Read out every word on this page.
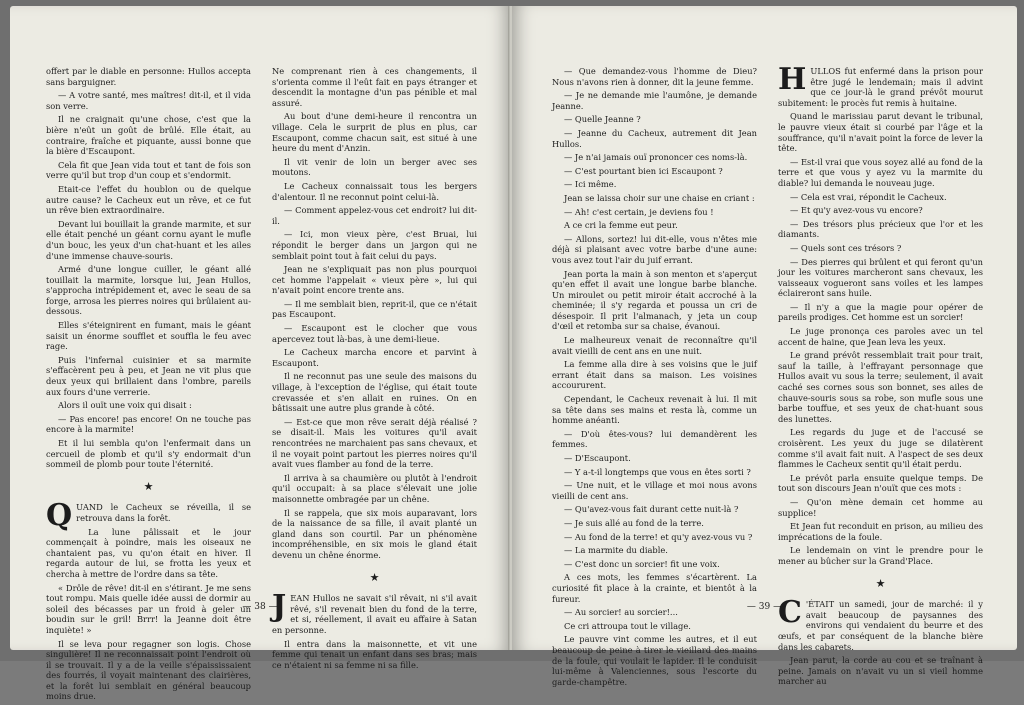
offert par le diable en personne: Hullos accepta sans barguigner.

— A votre santé, mes maîtres! dit-il, et il vida son verre.

Il ne craignait qu'une chose, c'est que la bière n'eût un goût de brûlé. Elle était, au contraire, fraîche et piquante, aussi bonne que la bière d'Escaupont.

Cela fit que Jean vida tout et tant de fois son verre qu'il but trop d'un coup et s'endormit.

Etait-ce l'effet du houblon ou de quelque autre cause? le Cacheux eut un rêve, et ce fut un rêve bien extraordinaire.

Devant lui bouillait la grande marmite, et sur elle était penché un géant cornu ayant le mufle d'un bouc, les yeux d'un chat-huant et les ailes d'une immense chauve-souris.

Armé d'une longue cuiller, le géant allé touillait la marmite, lorsque lui, Jean Hullos, s'approcha intrépidement et, avec le seau de sa forge, arrosa les pierres noires qui brûlaient au-dessous.

Elles s'éteignirent en fumant, mais le géant saisit un énorme soufflet et souffla le feu avec rage.

Puis l'infernal cuisinier et sa marmite s'effacèrent peu à peu, et Jean ne vit plus que deux yeux qui brillaient dans l'ombre, pareils aux fours d'une verrerie.

Alors il ouït une voix qui disait :

— Pas encore! pas encore! On ne touche pas encore à la marmite!

Et il lui sembla qu'on l'enfermait dans un cercueil de plomb et qu'il s'y endormait d'un sommeil de plomb pour toute l'éternité.

★

QUAND le Cacheux se réveilla, il se retrouva dans la forêt.

La lune pâlissait et le jour commençait à poindre, mais les oiseaux ne chantaient pas, vu qu'on était en hiver. Il regarda autour de lui, se frotta les yeux et chercha à mettre de l'ordre dans sa tête.

« Drôle de rêve! dit-il en s'étirant. Je me sens tout rompu. Mais quelle idée aussi de dormir au soleil des bécasses par un froid à geler un boudin sur le gril! Brrr! la Jeanne doit être inquiète! »

Il se leva pour regagner son logis. Chose singulière! Il ne reconnaissait point l'endroit où il se trouvait. Il y a de la veille s'épaississaient des fourrés, il voyait maintenant des clairières, et la forêt lui semblait en général beaucoup moins drue.

Ne comprenant rien à ces changements, il s'orienta comme il l'eût fait en pays étranger et descendit la montagne d'un pas pénible et mal assuré.

Au bout d'une demi-heure il rencontra un village. Cela le surprit de plus en plus, car Escaupont, comme chacun sait, est situé à une heure du ment d'Anzin.

Il vit venir de loin un berger avec ses moutons.

Le Cacheux connaissait tous les bergers d'alentour. Il ne reconnut point celui-là.

— Comment appelez-vous cet endroit? lui dit-il.

— Ici, mon vieux père, c'est Bruai, lui répondit le berger dans un jargon qui ne semblait point tout à fait celui du pays.

Jean ne s'expliquait pas non plus pourquoi cet homme l'appelait « vieux père », lui qui n'avait point encore trente ans.

— Il me semblait bien, reprit-il, que ce n'était pas Escaupont.

— Escaupont est le clocher que vous apercevez tout là-bas, à une demi-lieue.

Le Cacheux marcha encore et parvint à Escaupont.

Il ne reconnut pas une seule des maisons du village, à l'exception de l'église, qui était toute crevassée et s'en allait en ruines. On en bâtissait une autre plus grande à côté.

— Est-ce que mon rêve serait déjà réalisé ? se disait-il. Mais les voitures qu'il avait rencontrées ne marchaient pas sans chevaux, et il ne voyait point partout les pierres noires qu'il avait vues flamber au fond de la terre.

Il arriva à sa chaumière ou plutôt à l'endroit qu'il occupait: à sa place s'élevait une jolie maisonnette ombragée par un chêne.

Il se rappela, que six mois auparavant, lors de la naissance de sa fille, il avait planté un gland dans son courtil. Par un phénomène incompréhensible, en six mois le gland était devenu un chêne énorme.

★

JEAN Hullos ne savait s'il rêvait, ni s'il avait rêvé, s'il revenait bien du fond de la terre, et si, réellement, il avait eu affaire à Satan en personne.

Il entra dans la maisonnette, et vit une femme qui tenait un enfant dans ses bras; mais ce n'étaient ni sa femme ni sa fille.

— 38 —

— Que demandez-vous l'homme de Dieu? Nous n'avons rien à donner, dit la jeune femme.

— Je ne demande mie l'aumône, je demande Jeanne.

— Quelle Jeanne ?

— Jeanne du Cacheux, autrement dit Jean Hullos.

— Je n'ai jamais ouï prononcer ces noms-là.

— C'est pourtant bien ici Escaupont ?

— Ici même.

Jean se laissa choir sur une chaise en criant :

— Ah! c'est certain, je deviens fou !

A ce cri la femme eut peur.

— Allons, sortez! lui dit-elle, vous n'êtes mie déjà si plaisant avec votre barbe d'une aune: vous avez tout l'air du juif errant.

Jean porta la main à son menton et s'aperçut qu'en effet il avait une longue barbe blanche. Un miroulet ou petit miroir était accroché à la cheminée; il s'y regarda et poussa un cri de désespoir. Il prit l'almanach, y jeta un coup d'œil et retomba sur sa chaise, évanoui.

Le malheureux venait de reconnaître qu'il avait vieilli de cent ans en une nuit.

La femme alla dire à ses voisins que le juif errant était dans sa maison. Les voisines accoururent.

Cependant, le Cacheux revenait à lui. Il mit sa tête dans ses mains et resta là, comme un homme anéanti.

— D'où êtes-vous? lui demandèrent les femmes.

— D'Escaupont.

— Y a-t-il longtemps que vous en êtes sorti ?

— Une nuit, et le village et moi nous avons vieilli de cent ans.

— Qu'avez-vous fait durant cette nuit-là ?

— Je suis allé au fond de la terre.

— Au fond de la terre! et qu'y avez-vous vu ?

— La marmite du diable.

— C'est donc un sorcier! fit une voix.

A ces mots, les femmes s'écartèrent. La curiosité fit place à la crainte, et bientôt à la fureur.

— Au sorcier! au sorcier!...

Ce cri attroupa tout le village.

Le pauvre vint comme les autres, et il eut beaucoup de peine à tirer le vieillard des mains de la foule, qui voulait le lapider. Il le conduisit lui-même à Valenciennes, sous l'escorte du garde-champêtre.

HULLOS fut enfermé dans la prison pour être jugé le lendemain; mais il advint que ce jour-là le grand prévôt mourut subitement: le procès fut remis à huitaine.

Quand le marissiau parut devant le tribunal, le pauvre vieux était si courbé par l'âge et la souffrance, qu'il n'avait point la force de lever la tête.

— Est-il vrai que vous soyez allé au fond de la terre et que vous y ayez vu la marmite du diable? lui demanda le nouveau juge.

— Cela est vrai, répondit le Cacheux.

— Et qu'y avez-vous vu encore?

— Des trésors plus précieux que l'or et les diamants.

— Quels sont ces trésors ?

— Des pierres qui brûlent et qui feront qu'un jour les voitures marcheront sans chevaux, les vaisseaux vogueront sans voiles et les lampes éclaireront sans huile.

— Il n'y a que la magie pour opérer de pareils prodiges. Cet homme est un sorcier!

Le juge prononça ces paroles avec un tel accent de haine, que Jean leva les yeux.

Le grand prévôt ressemblait trait pour trait, sauf la taille, à l'effrayant personnage que Hullos avait vu sous la terre; seulement, il avait caché ses cornes sous son bonnet, ses ailes de chauve-souris sous sa robe, son mufle sous une barbe touffue, et ses yeux de chat-huant sous des lunettes.

Les regards du juge et de l'accusé se croisèrent. Les yeux du juge se dilatèrent comme s'il avait fait nuit. A l'aspect de ses deux flammes le Cacheux sentit qu'il était perdu.

Le prévôt parla ensuite quelque temps. De tout son discours Jean n'ouït que ces mots :

— Qu'on mène demain cet homme au supplice!

Et Jean fut reconduit en prison, au milieu des imprécations de la foule.

Le lendemain on vint le prendre pour le mener au bûcher sur la Grand'Place.

★

C 'ÉTAIT un samedi, jour de marché: il y avait beaucoup de paysannes des environs qui vendaient du beurre et des œufs, et par conséquent de la blanche bière dans les cabarets.

Jean parut, la corde au cou et se traînant à peine. Jamais on n'avait vu un si vieil homme marcher au

— 39 —
